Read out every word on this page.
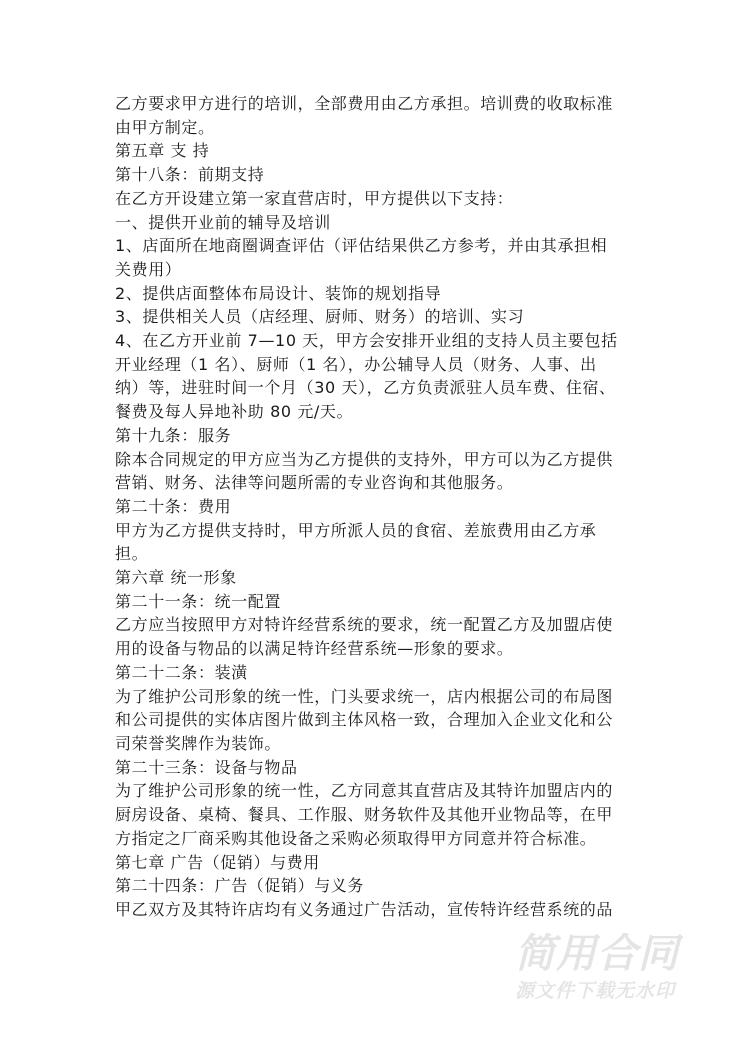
乙方要求甲方进行的培训，全部费用由乙方承担。培训费的收取标准
由甲方制定。
第五章 支 持
第十八条：前期支持
在乙方开设建立第一家直营店时，甲方提供以下支持：
一、提供开业前的辅导及培训
1、店面所在地商圈调查评估（评估结果供乙方参考，并由其承担相
关费用）
2、提供店面整体布局设计、装饰的规划指导
3、提供相关人员（店经理、厨师、财务）的培训、实习
4、在乙方开业前 7—10 天，甲方会安排开业组的支持人员主要包括
开业经理（1 名）、厨师（1 名），办公辅导人员（财务、人事、出
纳）等，进驻时间一个月（30 天），乙方负责派驻人员车费、住宿、
餐费及每人异地补助 80 元/天。
第十九条：服务
除本合同规定的甲方应当为乙方提供的支持外，甲方可以为乙方提供
营销、财务、法律等问题所需的专业咨询和其他服务。
第二十条：费用
甲方为乙方提供支持时，甲方所派人员的食宿、差旅费用由乙方承担。
第六章 统一形象
第二十一条：统一配置
乙方应当按照甲方对特许经营系统的要求，统一配置乙方及加盟店使
用的设备与物品的以满足特许经营系统—形象的要求。
第二十二条：装潢
为了维护公司形象的统一性，门头要求统一，店内根据公司的布局图
和公司提供的实体店图片做到主体风格一致，合理加入企业文化和公
司荣誉奖牌作为装饰。
第二十三条：设备与物品
为了维护公司形象的统一性，乙方同意其直营店及其特许加盟店内的
厨房设备、桌椅、餐具、工作服、财务软件及其他开业物品等，在甲
方指定之厂商采购其他设备之采购必须取得甲方同意并符合标准。
第七章 广告（促销）与费用
第二十四条：广告（促销）与义务
甲乙双方及其特许店均有义务通过广告活动，宣传特许经营系统的品
简用合同
源文件下载无水印
